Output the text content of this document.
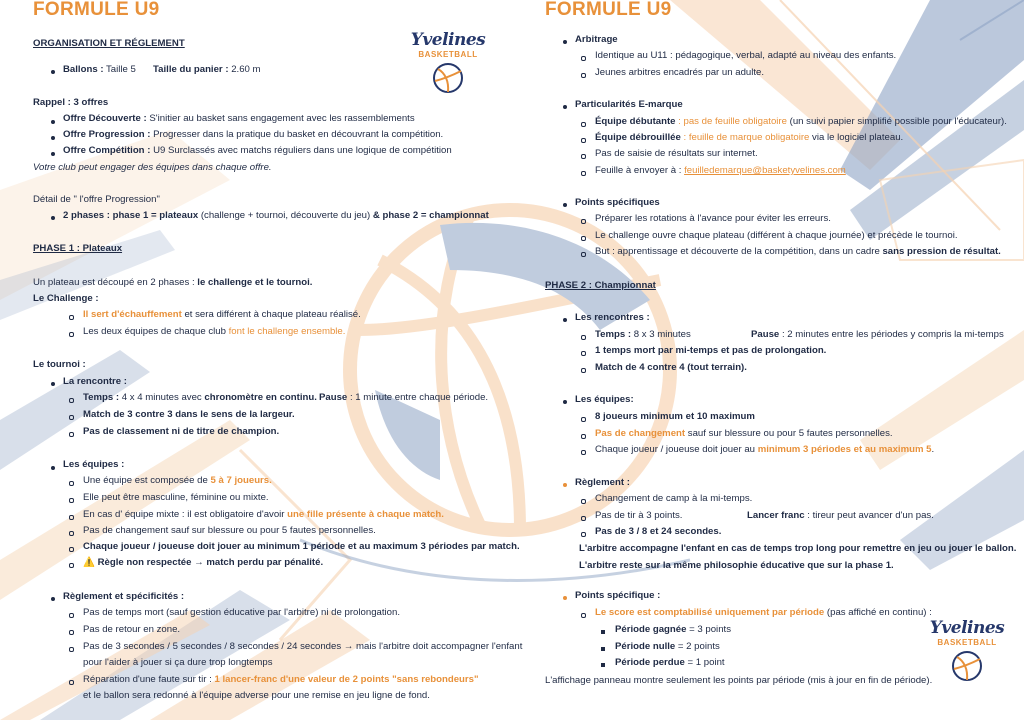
Yvelines
BASKETBALL
Yvelines
BASKETBALL
FORMULE U9
ORGANISATION ET RÉGLEMENT
Ballons : Taille 5 Taille du panier : 2.60 m
Rappel : 3 offres
Offre Découverte : S'initier au basket sans engagement avec les rassemblements
Offre Progression : Progresser dans la pratique du basket en découvrant la compétition.
Offre Compétition : U9 Surclassés avec matchs réguliers dans une logique de compétition
Votre club peut engager des équipes dans chaque offre.
Détail de " l'offre Progression"
2 phases : phase 1 = plateaux (challenge + tournoi, découverte du jeu) & phase 2 = championnat
PHASE 1 : Plateaux
Un plateau est découpé en 2 phases : le challenge et le tournoi.
Le Challenge :
Il sert d'échauffement et sera différent à chaque plateau réalisé.
Les deux équipes de chaque club font le challenge ensemble.
Le tournoi :
La rencontre :
Temps : 4 x 4 minutes avec chronomètre en continu. Pause : 1 minute entre chaque période.
Match de 3 contre 3 dans le sens de la largeur.
Pas de classement ni de titre de champion.
Les équipes :
Une équipe est composée de 5 à 7 joueurs.
Elle peut être masculine, féminine ou mixte.
En cas d' équipe mixte : il est obligatoire d'avoir une fille présente à chaque match.
Pas de changement sauf sur blessure ou pour 5 fautes personnelles.
Chaque joueur / joueuse doit jouer au minimum 1 période et au maximum 3 périodes par match.
⚠️ Règle non respectée → match perdu par pénalité.
Règlement et spécificités :
Pas de temps mort (sauf gestion éducative par l'arbitre) ni de prolongation.
Pas de retour en zone.
Pas de 3 secondes / 5 secondes / 8 secondes / 24 secondes → mais l'arbitre doit accompagner l'enfant
pour l'aider à jouer si ça dure trop longtemps
Réparation d'une faute sur tir : 1 lancer-franc d'une valeur de 2 points "sans rebondeurs"
et le ballon sera redonné à l'équipe adverse pour une remise en jeu ligne de fond.
FORMULE U9
Arbitrage
Identique au U11 : pédagogique, verbal, adapté au niveau des enfants.
Jeunes arbitres encadrés par un adulte.
Particularités E-marque
Équipe débutante : pas de feuille obligatoire (un suivi papier simplifié possible pour l'éducateur).
Équipe débrouillée : feuille de marque obligatoire via le logiciel plateau.
Pas de saisie de résultats sur internet.
Feuille à envoyer à : feuilledemarque@basketyvelines.com
Points spécifiques
Préparer les rotations à l'avance pour éviter les erreurs.
Le challenge ouvre chaque plateau (différent à chaque journée) et précède le tournoi.
But : apprentissage et découverte de la compétition, dans un cadre sans pression de résultat.
PHASE 2 : Championnat
Les rencontres :
Temps : 8 x 3 minutes	Pause : 2 minutes entre les périodes y compris la mi-temps
1 temps mort par mi-temps et pas de prolongation.
Match de 4 contre 4 (tout terrain).
Les équipes:
8 joueurs minimum et 10 maximum
Pas de changement sauf sur blessure ou pour 5 fautes personnelles.
Chaque joueur / joueuse doit jouer au minimum 3 périodes et au maximum 5.
Règlement :
Changement de camp à la mi-temps.
Pas de tir à 3 points.	Lancer franc : tireur peut avancer d'un pas.
Pas de 3 / 8 et 24 secondes.
L'arbitre accompagne l'enfant en cas de temps trop long pour remettre en jeu ou jouer le ballon.
L'arbitre reste sur la même philosophie éducative que sur la phase 1.
Points spécifique :
Le score est comptabilisé uniquement par période (pas affiché en continu) :
Période gagnée = 3 points
Période nulle = 2 points
Période perdue = 1 point
L'affichage panneau montre seulement les points par période (mis à jour en fin de période).
